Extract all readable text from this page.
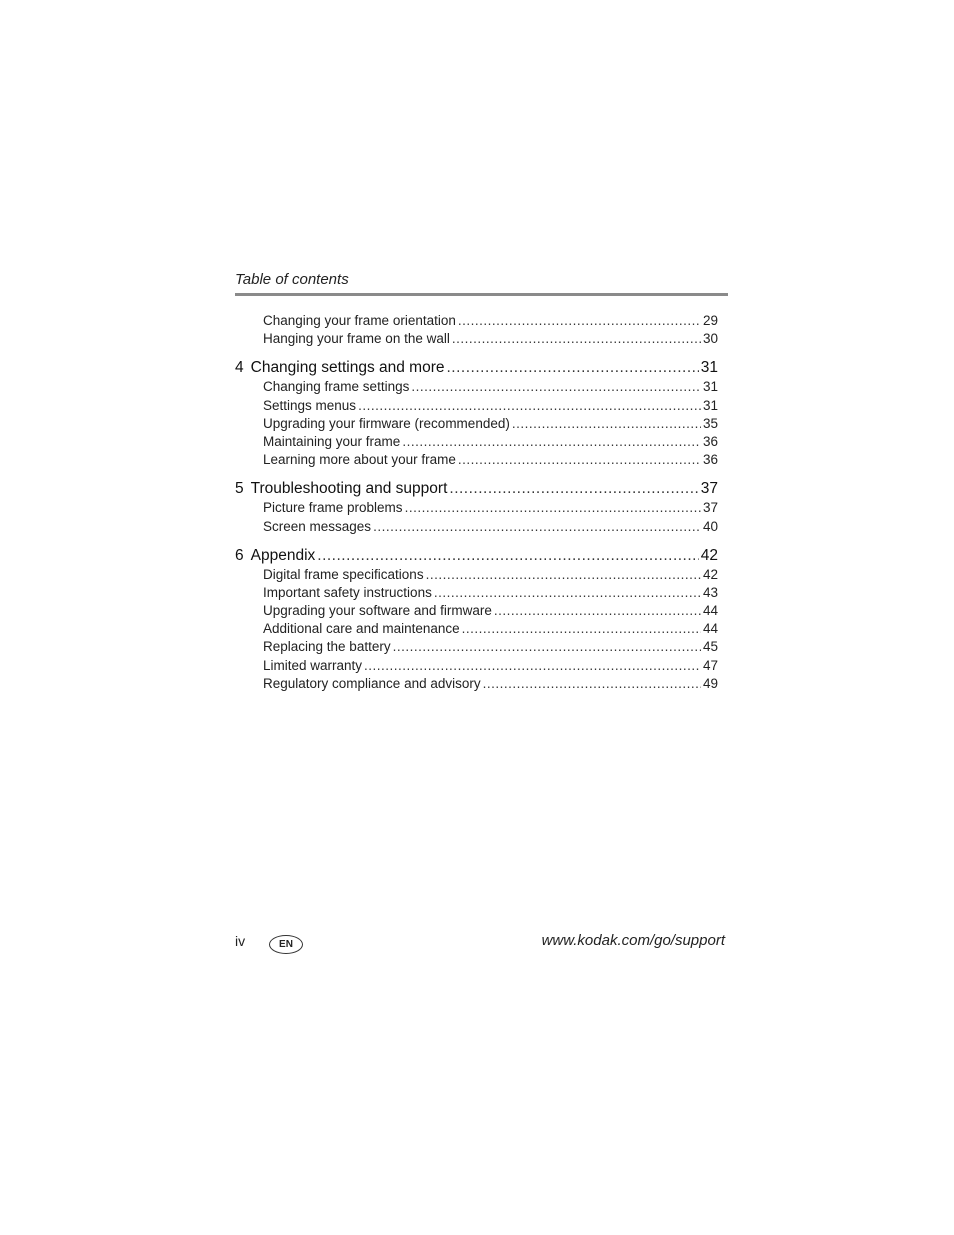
Table of contents
Changing your frame orientation .....	29
Hanging your frame on the wall .....	30
4 Changing settings and more .....	31
Changing frame settings .....	31
Settings menus .....	31
Upgrading your firmware (recommended) .....	35
Maintaining your frame .....	36
Learning more about your frame .....	36
5 Troubleshooting and support .....	37
Picture frame problems .....	37
Screen messages .....	40
6 Appendix .....	42
Digital frame specifications .....	42
Important safety instructions .....	43
Upgrading your software and firmware .....	44
Additional care and maintenance .....	44
Replacing the battery .....	45
Limited warranty .....	47
Regulatory compliance and advisory .....	49
iv	EN	www.kodak.com/go/support
